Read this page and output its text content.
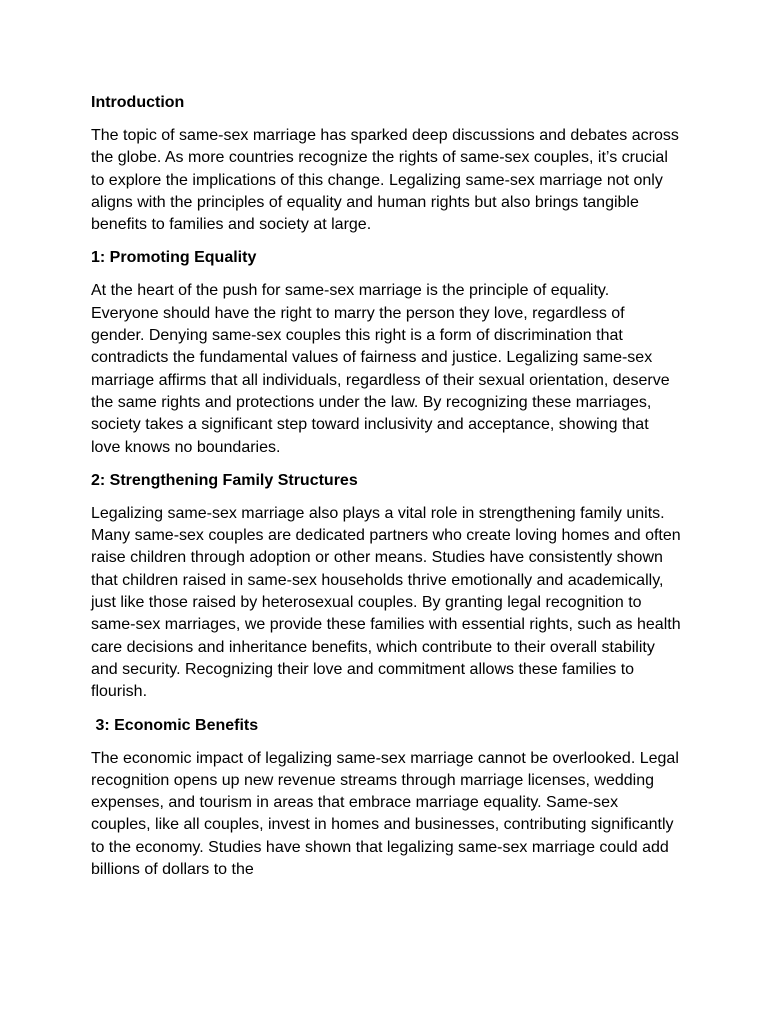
Introduction

The topic of same-sex marriage has sparked deep discussions and debates across the globe. As more countries recognize the rights of same-sex couples, it’s crucial to explore the implications of this change. Legalizing same-sex marriage not only aligns with the principles of equality and human rights but also brings tangible benefits to families and society at large.

1: Promoting Equality

At the heart of the push for same-sex marriage is the principle of equality. Everyone should have the right to marry the person they love, regardless of gender. Denying same-sex couples this right is a form of discrimination that contradicts the fundamental values of fairness and justice. Legalizing same-sex marriage affirms that all individuals, regardless of their sexual orientation, deserve the same rights and protections under the law. By recognizing these marriages, society takes a significant step toward inclusivity and acceptance, showing that love knows no boundaries.

2: Strengthening Family Structures

Legalizing same-sex marriage also plays a vital role in strengthening family units. Many same-sex couples are dedicated partners who create loving homes and often raise children through adoption or other means. Studies have consistently shown that children raised in same-sex households thrive emotionally and academically, just like those raised by heterosexual couples. By granting legal recognition to same-sex marriages, we provide these families with essential rights, such as health care decisions and inheritance benefits, which contribute to their overall stability and security. Recognizing their love and commitment allows these families to flourish.

3: Economic Benefits

The economic impact of legalizing same-sex marriage cannot be overlooked. Legal recognition opens up new revenue streams through marriage licenses, wedding expenses, and tourism in areas that embrace marriage equality. Same-sex couples, like all couples, invest in homes and businesses, contributing significantly to the economy. Studies have shown that legalizing same-sex marriage could add billions of dollars to the
